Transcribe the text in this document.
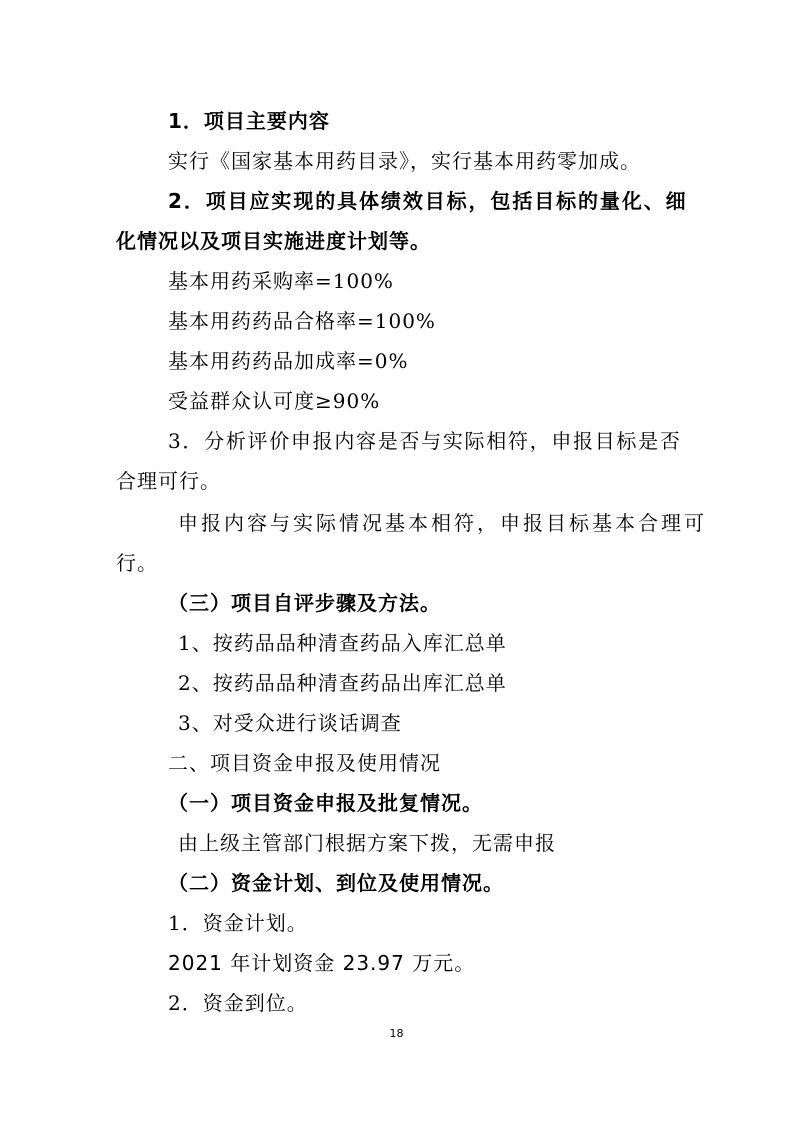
1．项目主要内容
实行《国家基本用药目录》，实行基本用药零加成。
2．项目应实现的具体绩效目标，包括目标的量化、细
化情况以及项目实施进度计划等。
基本用药采购率=100%
基本用药药品合格率=100%
基本用药药品加成率=0%
受益群众认可度≥90%
3．分析评价申报内容是否与实际相符，申报目标是否
合理可行。
申报内容与实际情况基本相符，申报目标基本合理可
行。
（三）项目自评步骤及方法。
1、按药品品种清查药品入库汇总单
2、按药品品种清查药品出库汇总单
3、对受众进行谈话调查
二、项目资金申报及使用情况
（一）项目资金申报及批复情况。
由上级主管部门根据方案下拨，无需申报
（二）资金计划、到位及使用情况。
1．资金计划。
2021 年计划资金 23.97 万元。
2．资金到位。
18
